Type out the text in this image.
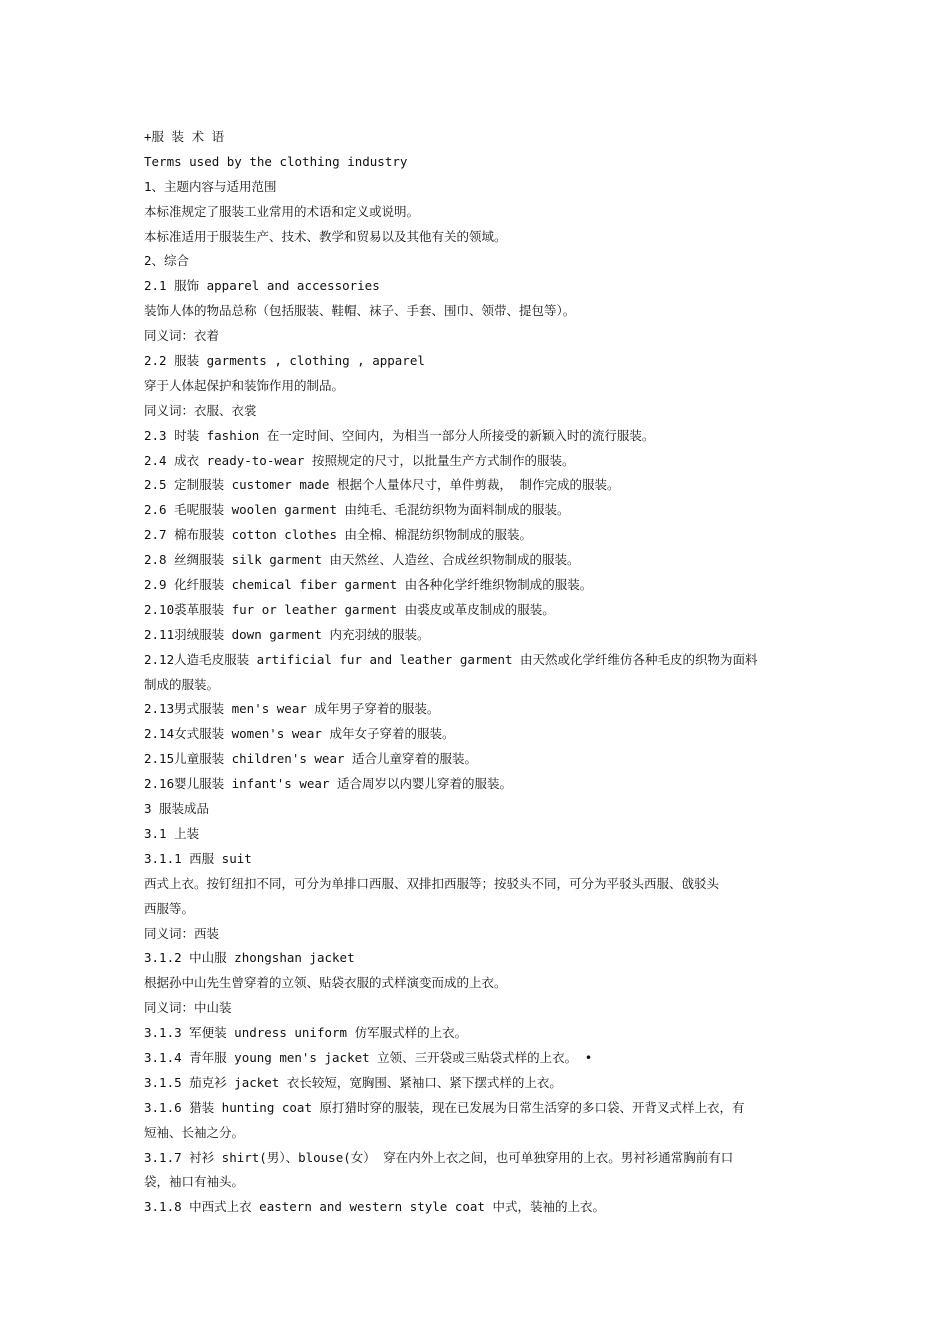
+服 装 术 语
Terms used by the clothing industry
1、主题内容与适用范围
本标准规定了服装工业常用的术语和定义或说明。
本标准适用于服装生产、技术、教学和贸易以及其他有关的领域。
2、综合
2.1 服饰 apparel and accessories
装饰人体的物品总称（包括服装、鞋帽、袜子、手套、围巾、领带、提包等）。
同义词：衣着
2.2 服装 garments , clothing , apparel
穿于人体起保护和装饰作用的制品。
同义词：衣服、衣裳
2.3 时装 fashion 在一定时间、空间内，为相当一部分人所接受的新颖入时的流行服装。
2.4 成衣 ready-to-wear 按照规定的尺寸，以批量生产方式制作的服装。
2.5 定制服装 customer made 根据个人量体尺寸，单件剪裁， 制作完成的服装。
2.6 毛呢服装 woolen garment 由纯毛、毛混纺织物为面料制成的服装。
2.7 棉布服装 cotton clothes 由全棉、棉混纺织物制成的服装。
2.8 丝绸服装 silk garment 由天然丝、人造丝、合成丝织物制成的服装。
2.9 化纤服装 chemical fiber garment 由各种化学纤维织物制成的服装。
2.10裘革服装 fur or leather garment 由裘皮或革皮制成的服装。
2.11羽绒服装 down garment 内充羽绒的服装。
2.12人造毛皮服装 artificial fur and leather garment 由天然或化学纤维仿各种毛皮的织物为面料
制成的服装。
2.13男式服装 men's wear 成年男子穿着的服装。
2.14女式服装 women's wear 成年女子穿着的服装。
2.15儿童服装 children's wear 适合儿童穿着的服装。
2.16婴儿服装 infant's wear 适合周岁以内婴儿穿着的服装。
3 服装成品
3.1 上装
3.1.1 西服 suit
西式上衣。按钉纽扣不同，可分为单排口西服、双排扣西服等；按驳头不同，可分为平驳头西服、戗驳头
西服等。
同义词：西装
3.1.2 中山服 zhongshan jacket
根据孙中山先生曾穿着的立领、贴袋衣服的式样演变而成的上衣。
同义词：中山装
3.1.3 军便装 undress uniform 仿军服式样的上衣。
3.1.4 青年服 young men's jacket 立领、三开袋或三贴袋式样的上衣。 •
3.1.5 茄克衫 jacket 衣长较短，宽胸围、紧袖口、紧下摆式样的上衣。
3.1.6 猎装 hunting coat 原打猎时穿的服装，现在已发展为日常生活穿的多口袋、开背叉式样上衣，有
短袖、长袖之分。
3.1.7 衬衫 shirt(男）、blouse(女） 穿在内外上衣之间，也可单独穿用的上衣。男衬衫通常胸前有口
袋，袖口有袖头。
3.1.8 中西式上衣 eastern and western style coat 中式，装袖的上衣。
